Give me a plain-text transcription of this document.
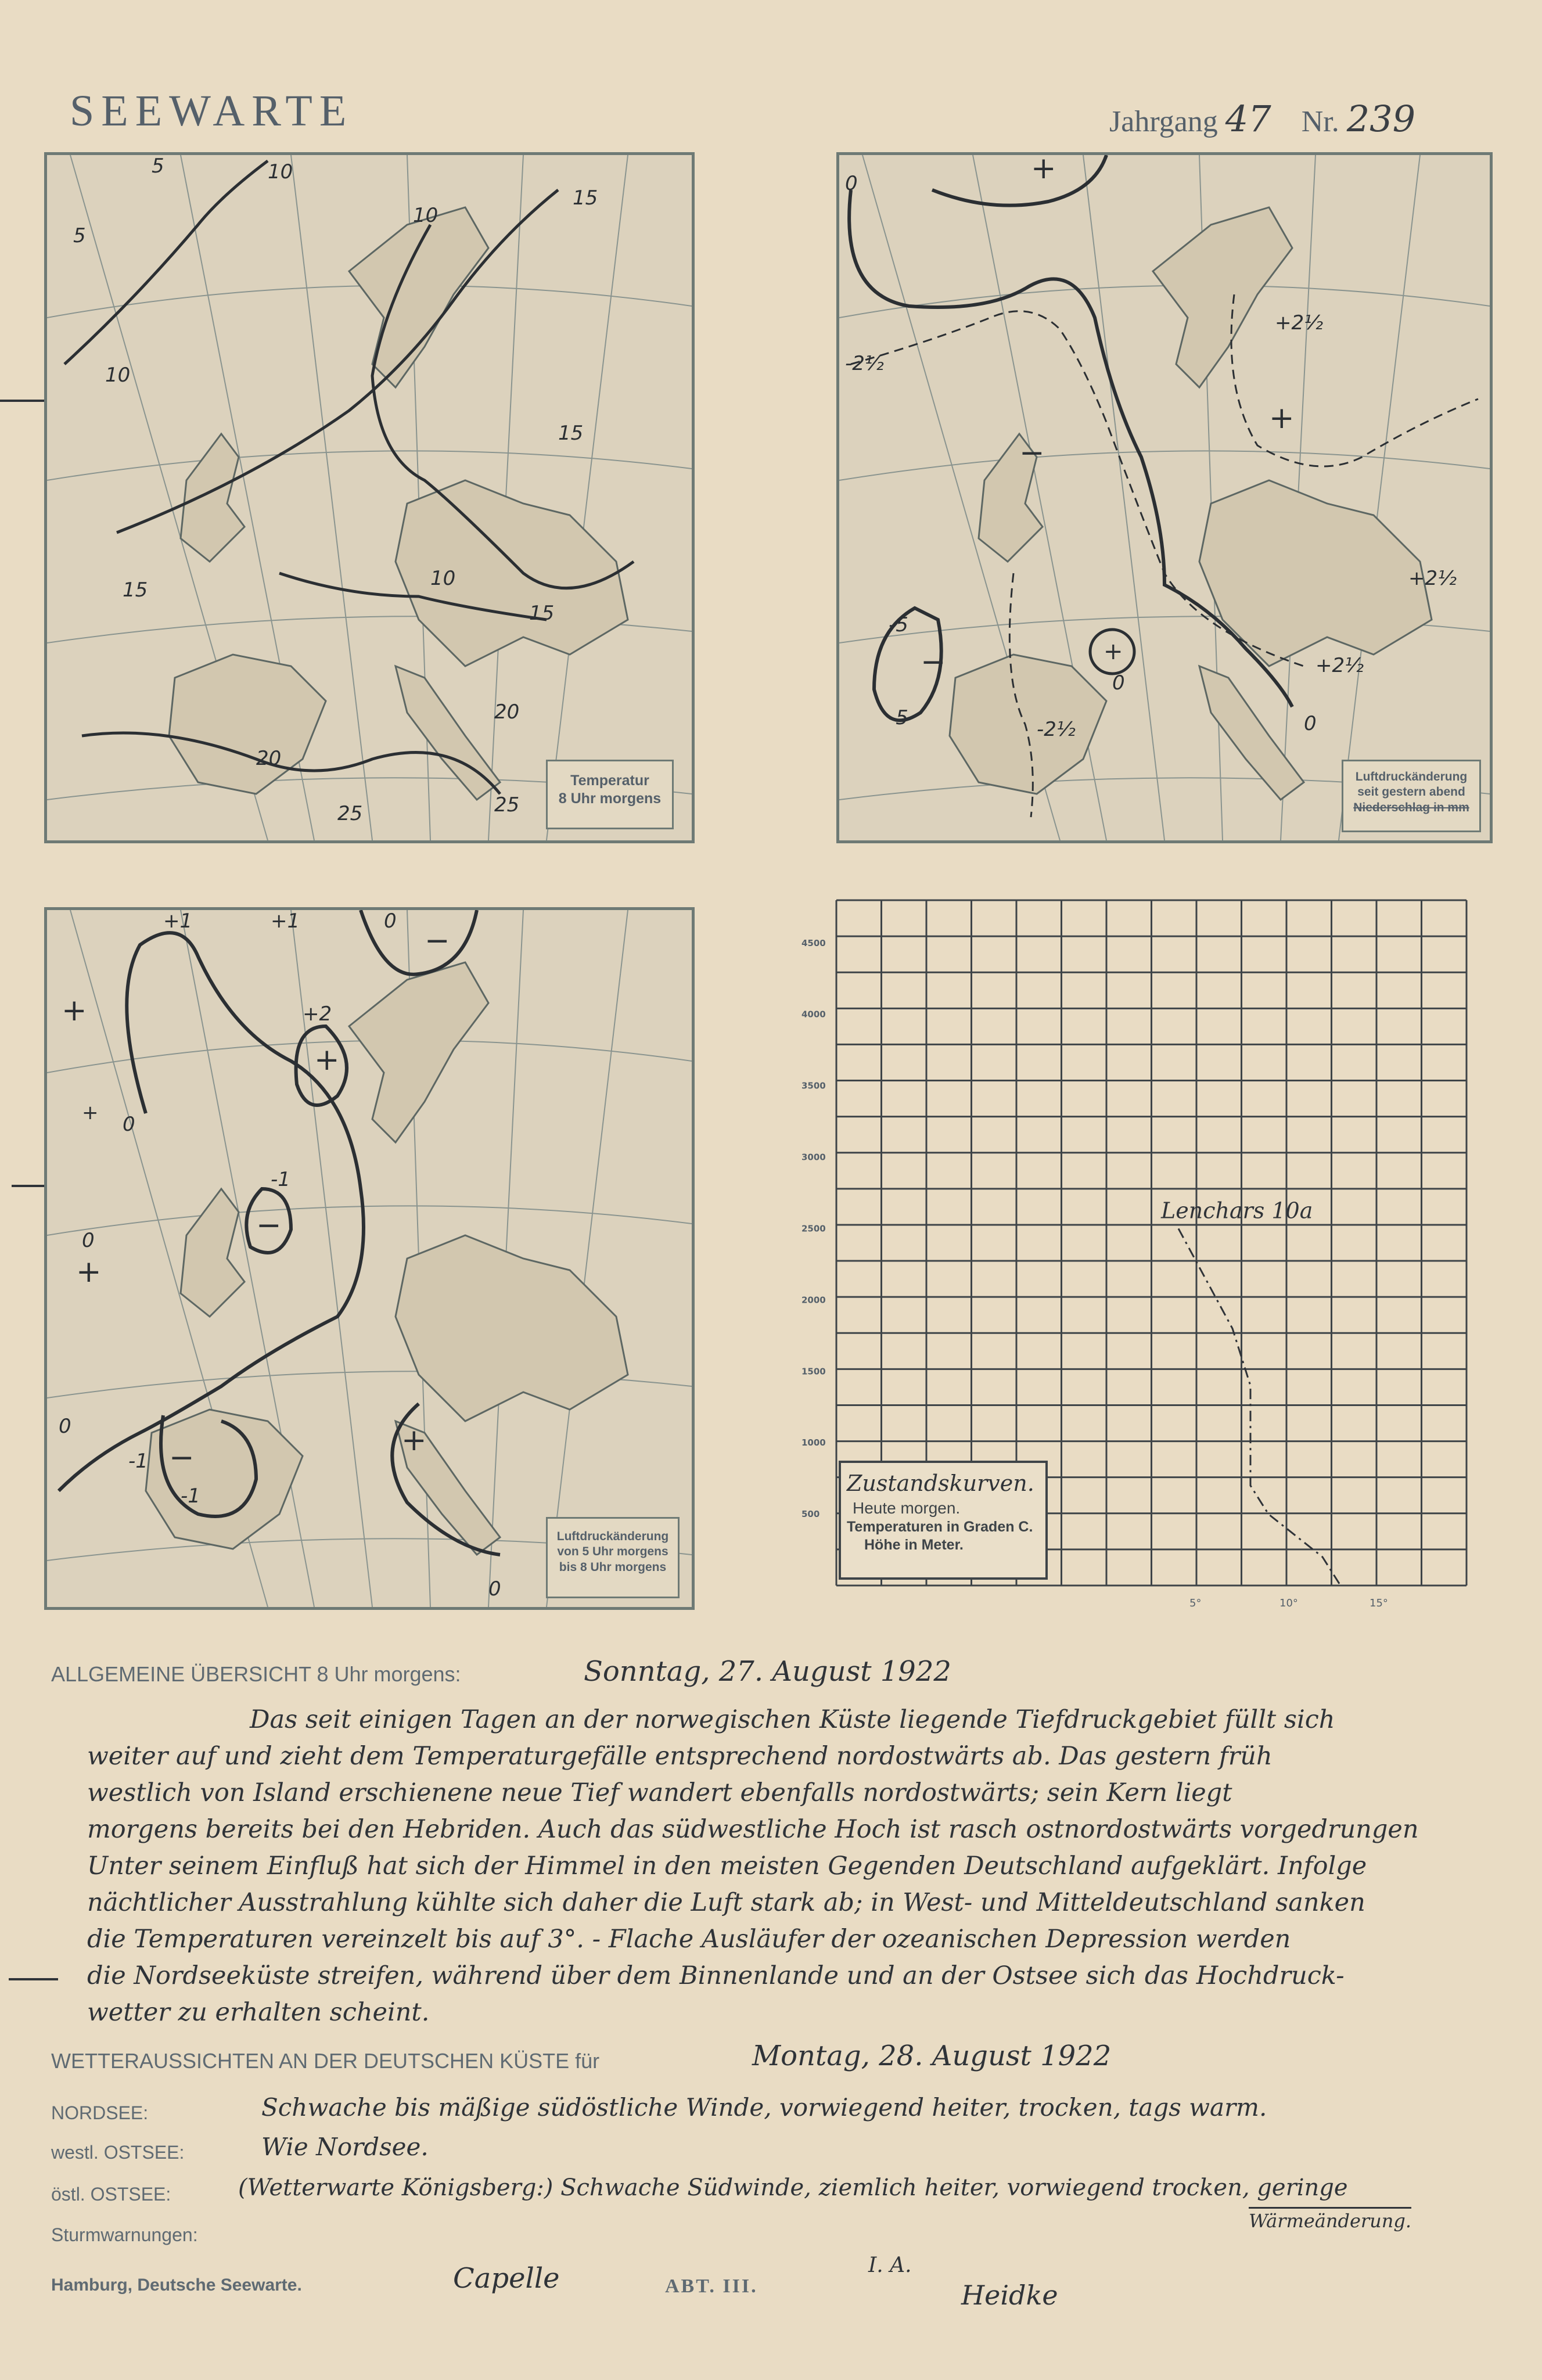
SEEWARTE	Jahrgang 47 Nr. 239
10
5	10
10
15
15
10
15
20
20
25	25
15
5
Temperatur
8 Uhr morgens
0
-5
-5
+
0
0
-2½
+2½
+2½
-2½
+2½
+
−
−
+
Luftdruckänderung
seit gestern abend
Niederschlag in mm
+ 0
+2
+
+
−
-1
0
+
0
-1
-1
−	+
0
−
+1	+1	0
Luftdruckänderung
von 5 Uhr morgens
bis 8 Uhr morgens
4500
4000
3500
3000
2500
2000
1500
1000
500
5°	10°	15°
Lenchars 10a
Zustandskurven.
Heute morgen.
Temperaturen in Graden C.
Höhe in Meter.
ALLGEMEINE ÜBERSICHT 8 Uhr morgens:	Sonntag, 27. August 1922

Das seit einigen Tagen an der norwegischen Küste liegende Tiefdruckgebiet füllt sich

weiter auf und zieht dem Temperaturgefälle entsprechend nordostwärts ab. Das gestern früh
westlich von Island erschienene neue Tief wandert ebenfalls nordostwärts; sein Kern liegt
morgens bereits bei den Hebriden. Auch das südwestliche Hoch ist rasch ostnordostwärts vorgedrungen
Unter seinem Einfluß hat sich der Himmel in den meisten Gegenden Deutschland aufgeklärt. Infolge
nächtlicher Ausstrahlung kühlte sich daher die Luft stark ab; in West- und Mitteldeutschland sanken
die Temperaturen vereinzelt bis auf 3°. - Flache Ausläufer der ozeanischen Depression werden
die Nordseeküste streifen, während über dem Binnenlande und an der Ostsee sich das Hochdruck-
wetter zu erhalten scheint.
WETTERAUSSICHTEN AN DER DEUTSCHEN KÜSTE für	Montag, 28. August 1922
NORDSEE:	Schwache bis mäßige südöstliche Winde, vorwiegend heiter, trocken, tags warm.
westl. OSTSEE:	Wie Nordsee.
östl. OSTSEE:	(Wetterwarte Königsberg:) Schwache Südwinde, ziemlich heiter, vorwiegend trocken, geringe
Wärmeänderung.
Sturmwarnungen:
Hamburg, Deutsche Seewarte.	Capelle	ABT. III.
I. A.
Heidke
